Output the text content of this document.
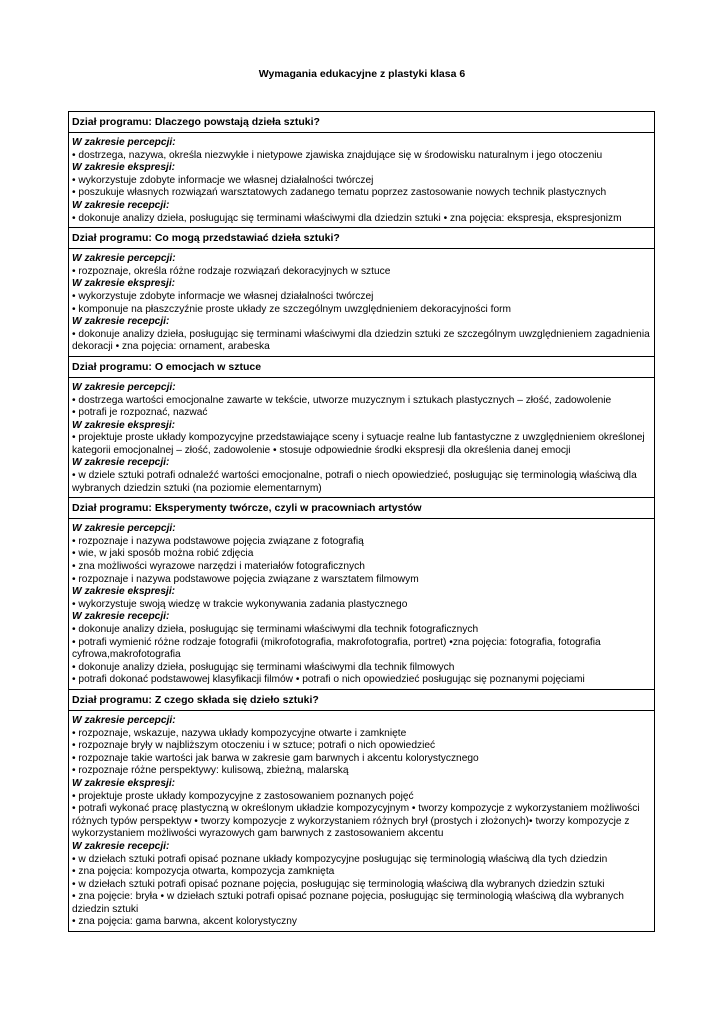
Wymagania edukacyjne z plastyki klasa 6
Dział programu: Dlaczego powstają dzieła sztuki?
W zakresie percepcji:
• dostrzega, nazywa, określa niezwykłe i nietypowe zjawiska znajdujące się w środowisku naturalnym i jego otoczeniu
W zakresie ekspresji:
• wykorzystuje zdobyte informacje we własnej działalności twórczej
• poszukuje własnych rozwiązań warsztatowych zadanego tematu poprzez zastosowanie nowych technik plastycznych
W zakresie recepcji:
• dokonuje analizy dzieła, posługując się terminami właściwymi dla dziedzin sztuki • zna pojęcia: ekspresja, ekspresjonizm
Dział programu: Co mogą przedstawiać dzieła sztuki?
W zakresie percepcji:
• rozpoznaje, określa różne rodzaje rozwiązań dekoracyjnych w sztuce
W zakresie ekspresji:
• wykorzystuje zdobyte informacje we własnej działalności twórczej
• komponuje na płaszczyźnie proste układy ze szczególnym uwzględnieniem dekoracyjności form
W zakresie recepcji:
• dokonuje analizy dzieła, posługując się terminami właściwymi dla dziedzin sztuki ze szczególnym uwzględnieniem zagadnienia dekoracji • zna pojęcia: ornament, arabeska
Dział programu: O emocjach w sztuce
W zakresie percepcji:
• dostrzega wartości emocjonalne zawarte w tekście, utworze muzycznym i sztukach plastycznych – złość, zadowolenie
• potrafi je rozpoznać, nazwać
W zakresie ekspresji:
• projektuje proste układy kompozycyjne przedstawiające sceny i sytuacje realne lub fantastyczne z uwzględnieniem określonej kategorii emocjonalnej – złość, zadowolenie • stosuje odpowiednie środki ekspresji dla określenia danej emocji
W zakresie recepcji:
• w dziele sztuki potrafi odnaleźć wartości emocjonalne, potrafi o niech opowiedzieć, posługując się terminologią właściwą dla wybranych dziedzin sztuki (na poziomie elementarnym)
Dział programu: Eksperymenty twórcze, czyli w pracowniach artystów
W zakresie percepcji:
• rozpoznaje i nazywa podstawowe pojęcia związane z fotografią
• wie, w jaki sposób można robić zdjęcia
• zna możliwości wyrazowe narzędzi i materiałów fotograficznych
• rozpoznaje i nazywa podstawowe pojęcia związane z warsztatem filmowym
W zakresie ekspresji:
• wykorzystuje swoją wiedzę w trakcie wykonywania zadania plastycznego
W zakresie recepcji:
• dokonuje analizy dzieła, posługując się terminami właściwymi dla technik fotograficznych
• potrafi wymienić różne rodzaje fotografii (mikrofotografia, makrofotografia, portret) •zna pojęcia: fotografia, fotografia cyfrowa,makrofotografia
• dokonuje analizy dzieła, posługując się terminami właściwymi dla technik filmowych
• potrafi dokonać podstawowej klasyfikacji filmów • potrafi o nich opowiedzieć posługując się poznanymi pojęciami
Dział programu: Z czego składa się dzieło sztuki?
W zakresie percepcji:
• rozpoznaje, wskazuje, nazywa układy kompozycyjne otwarte i zamknięte
• rozpoznaje bryły w najbliższym otoczeniu i w sztuce; potrafi o nich opowiedzieć
• rozpoznaje takie wartości jak barwa w zakresie gam barwnych i akcentu kolorystycznego
• rozpoznaje różne perspektywy: kulisową, zbieżną, malarską
W zakresie ekspresji:
• projektuje proste układy kompozycyjne z zastosowaniem poznanych pojęć
• potrafi wykonać pracę plastyczną w określonym układzie kompozycyjnym • tworzy kompozycje z wykorzystaniem możliwości różnych typów perspektyw • tworzy kompozycje z wykorzystaniem różnych brył (prostych i złożonych)• tworzy kompozycje z wykorzystaniem możliwości wyrazowych gam barwnych z zastosowaniem akcentu
W zakresie recepcji:
• w dziełach sztuki potrafi opisać poznane układy kompozycyjne posługując się terminologią właściwą dla tych dziedzin
• zna pojęcia: kompozycja otwarta, kompozycja zamknięta
• w dziełach sztuki potrafi opisać poznane pojęcia, posługując się terminologią właściwą dla wybranych dziedzin sztuki
• zna pojęcie: bryła • w dziełach sztuki potrafi opisać poznane pojęcia, posługując się terminologią właściwą dla wybranych dziedzin sztuki
• zna pojęcia: gama barwna, akcent kolorystyczny
